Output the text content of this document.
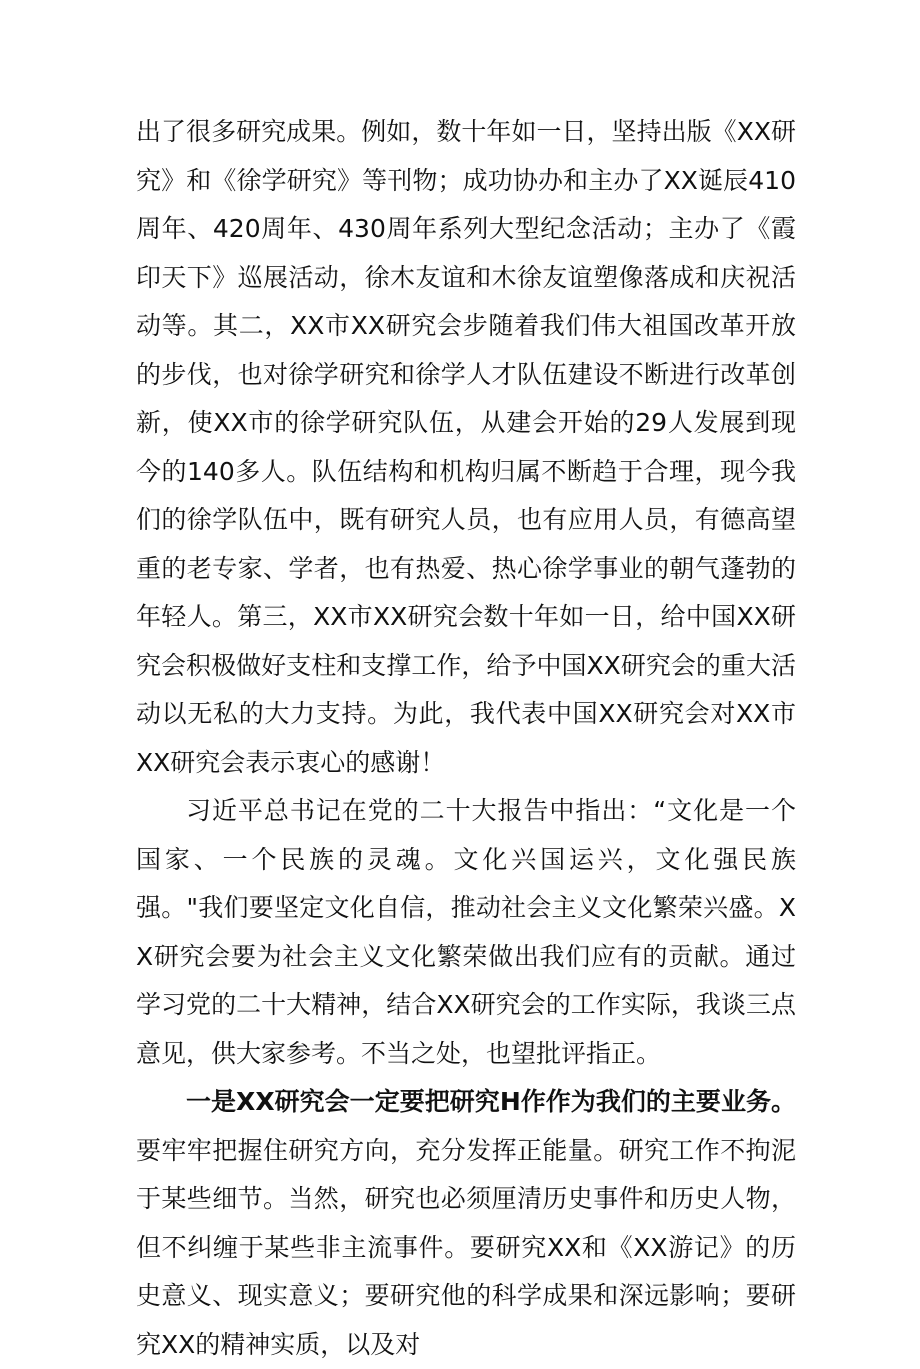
出了很多研究成果。例如，数十年如一日，坚持出版《XX研究》和《徐学研究》等刊物；成功协办和主办了XX诞辰410周年、420周年、430周年系列大型纪念活动；主办了《霞印天下》巡展活动，徐木友谊和木徐友谊塑像落成和庆祝活动等。其二，XX市XX研究会步随着我们伟大祖国改革开放的步伐，也对徐学研究和徐学人才队伍建设不断进行改革创新，使XX市的徐学研究队伍，从建会开始的29人发展到现今的140多人。队伍结构和机构归属不断趋于合理，现今我们的徐学队伍中，既有研究人员，也有应用人员，有德高望重的老专家、学者，也有热爱、热心徐学事业的朝气蓬勃的年轻人。第三，XX市XX研究会数十年如一日，给中国XX研究会积极做好支柱和支撑工作，给予中国XX研究会的重大活动以无私的大力支持。为此，我代表中国XX研究会对XX市XX研究会表示衷心的感谢！

习近平总书记在党的二十大报告中指出：“文化是一个国家、一个民族的灵魂。文化兴国运兴，文化强民族强。"我们要坚定文化自信，推动社会主义文化繁荣兴盛。XX研究会要为社会主义文化繁荣做出我们应有的贡献。通过学习党的二十大精神，结合XX研究会的工作实际，我谈三点意见，供大家参考。不当之处，也望批评指正。

一是XX研究会一定要把研究H作作为我们的主要业务。要牢牢把握住研究方向，充分发挥正能量。研究工作不拘泥于某些细节。当然，研究也必须厘清历史事件和历史人物，但不纠缠于某些非主流事件。要研究XX和《XX游记》的历史意义、现实意义；要研究他的科学成果和深远影响；要研究XX的精神实质，以及对
